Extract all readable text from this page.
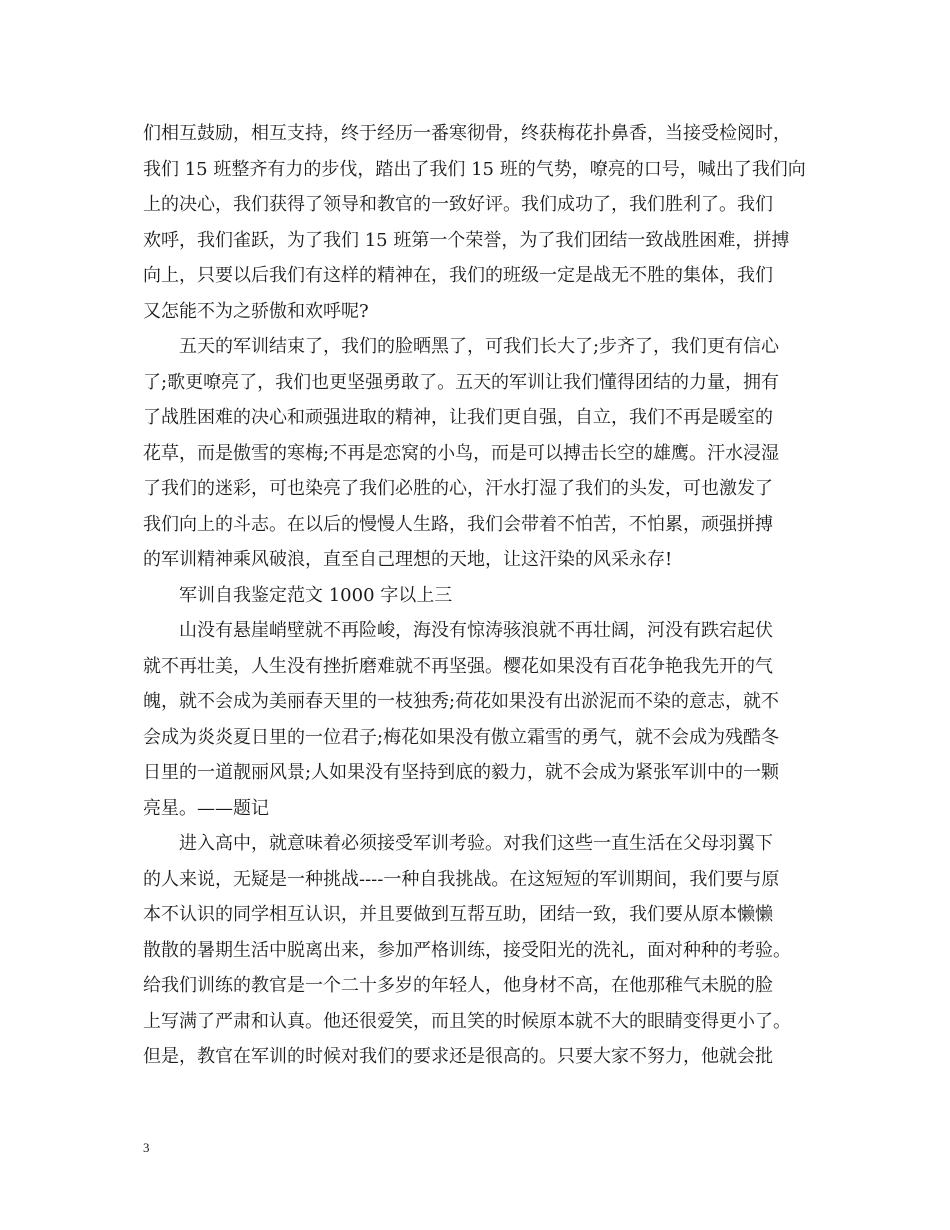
们相互鼓励，相互支持，终于经历一番寒彻骨，终获梅花扑鼻香，当接受检阅时，
我们 15 班整齐有力的步伐，踏出了我们 15 班的气势，嘹亮的口号，喊出了我们向
上的决心，我们获得了领导和教官的一致好评。我们成功了，我们胜利了。我们
欢呼，我们雀跃，为了我们 15 班第一个荣誉，为了我们团结一致战胜困难，拼搏
向上，只要以后我们有这样的精神在，我们的班级一定是战无不胜的集体，我们
又怎能不为之骄傲和欢呼呢?
五天的军训结束了，我们的脸晒黑了，可我们长大了;步齐了，我们更有信心
了;歌更嘹亮了，我们也更坚强勇敢了。五天的军训让我们懂得团结的力量，拥有
了战胜困难的决心和顽强进取的精神，让我们更自强，自立，我们不再是暖室的
花草，而是傲雪的寒梅;不再是恋窝的小鸟，而是可以搏击长空的雄鹰。汗水浸湿
了我们的迷彩，可也染亮了我们必胜的心，汗水打湿了我们的头发，可也激发了
我们向上的斗志。在以后的慢慢人生路，我们会带着不怕苦，不怕累，顽强拼搏
的军训精神乘风破浪，直至自己理想的天地，让这汗染的风采永存!
军训自我鉴定范文 1000 字以上三
山没有悬崖峭壁就不再险峻，海没有惊涛骇浪就不再壮阔，河没有跌宕起伏
就不再壮美，人生没有挫折磨难就不再坚强。樱花如果没有百花争艳我先开的气
魄，就不会成为美丽春天里的一枝独秀;荷花如果没有出淤泥而不染的意志，就不
会成为炎炎夏日里的一位君子;梅花如果没有傲立霜雪的勇气，就不会成为残酷冬
日里的一道靓丽风景;人如果没有坚持到底的毅力，就不会成为紧张军训中的一颗
亮星。——题记
进入高中，就意味着必须接受军训考验。对我们这些一直生活在父母羽翼下
的人来说，无疑是一种挑战----一种自我挑战。在这短短的军训期间，我们要与原
本不认识的同学相互认识，并且要做到互帮互助，团结一致，我们要从原本懒懒
散散的暑期生活中脱离出来，参加严格训练，接受阳光的洗礼，面对种种的考验。
给我们训练的教官是一个二十多岁的年轻人，他身材不高，在他那稚气未脱的脸
上写满了严肃和认真。他还很爱笑，而且笑的时候原本就不大的眼睛变得更小了。
但是，教官在军训的时候对我们的要求还是很高的。只要大家不努力，他就会批
3
